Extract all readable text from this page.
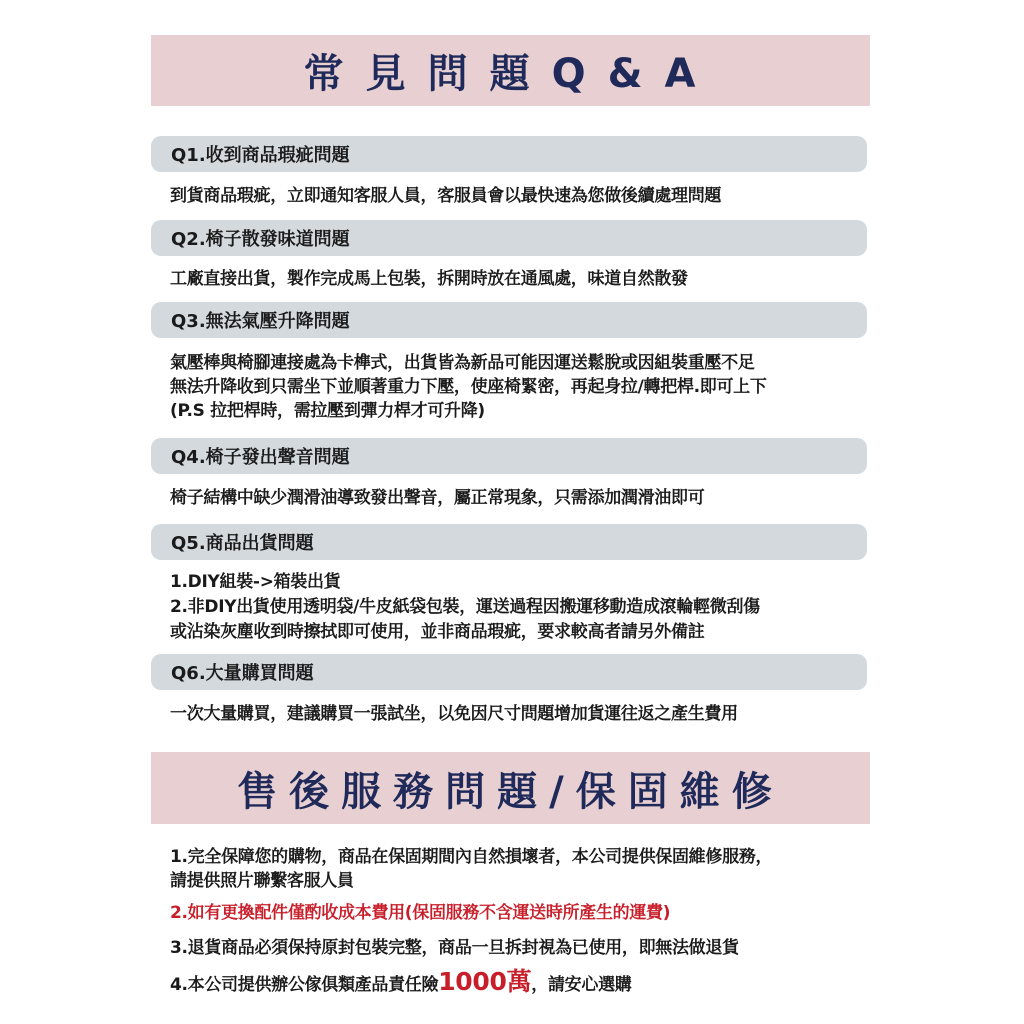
常見問題Q&A
Q1.收到商品瑕疵問題
到貨商品瑕疵，立即通知客服人員，客服員會以最快速為您做後續處理問題
Q2.椅子散發味道問題
工廠直接出貨，製作完成馬上包裝，拆開時放在通風處，味道自然散發
Q3.無法氣壓升降問題
氣壓棒與椅腳連接處為卡榫式，出貨皆為新品可能因運送鬆脫或因組裝重壓不足
無法升降收到只需坐下並順著重力下壓，使座椅緊密，再起身拉/轉把桿.即可上下
(P.S 拉把桿時，需拉壓到彈力桿才可升降)
Q4.椅子發出聲音問題
椅子結構中缺少潤滑油導致發出聲音，屬正常現象，只需添加潤滑油即可
Q5.商品出貨問題
1.DIY組裝->箱裝出貨
2.非DIY出貨使用透明袋/牛皮紙袋包裝，運送過程因搬運移動造成滾輪輕微刮傷
或沾染灰塵收到時擦拭即可使用，並非商品瑕疵，要求較高者請另外備註
Q6.大量購買問題
一次大量購買，建議購買一張試坐，以免因尺寸問題增加貨運往返之產生費用
售後服務問題/保固維修
1.完全保障您的購物，商品在保固期間內自然損壞者，本公司提供保固維修服務，
請提供照片聯繫客服人員
2.如有更換配件僅酌收成本費用(保固服務不含運送時所產生的運費)
3.退貨商品必須保持原封包裝完整，商品一旦拆封視為已使用，即無法做退貨
4.本公司提供辦公傢俱類產品責任險1000萬，請安心選購
